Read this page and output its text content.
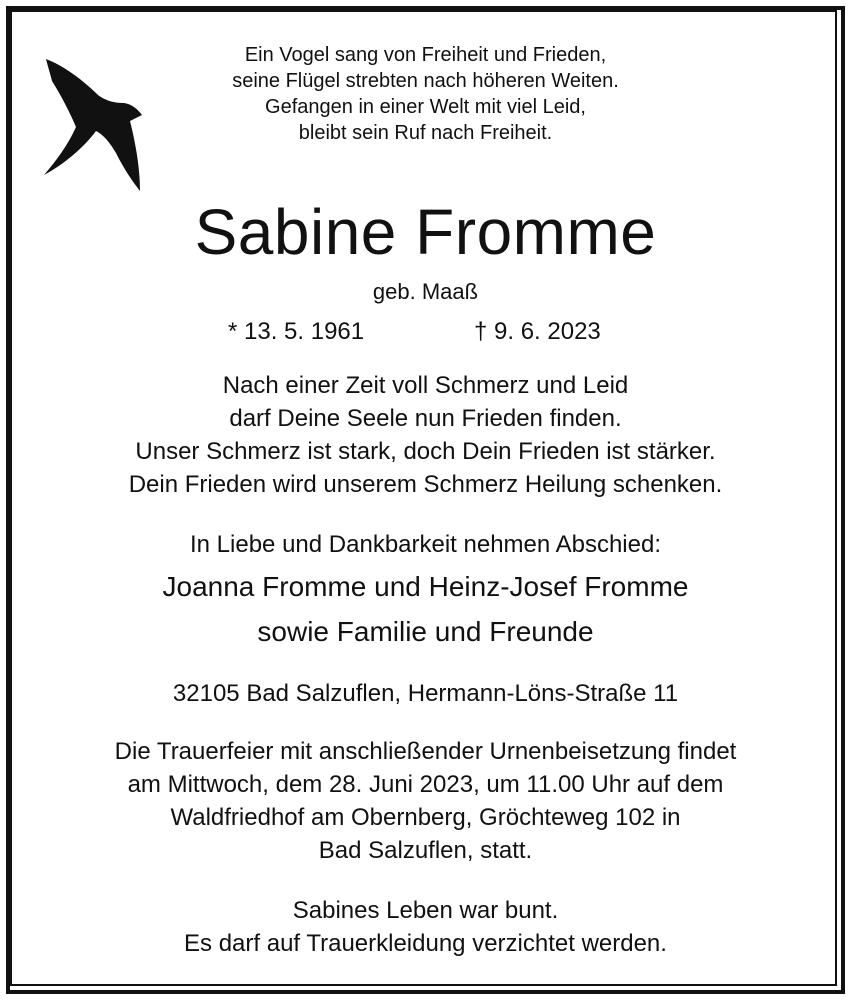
Ein Vogel sang von Freiheit und Frieden,
seine Flügel strebten nach höheren Weiten.
Gefangen in einer Welt mit viel Leid,
bleibt sein Ruf nach Freiheit.
Sabine Fromme
geb. Maaß
* 13. 5. 1961	† 9. 6. 2023
Nach einer Zeit voll Schmerz und Leid
darf Deine Seele nun Frieden finden.
Unser Schmerz ist stark, doch Dein Frieden ist stärker.
Dein Frieden wird unserem Schmerz Heilung schenken.
In Liebe und Dankbarkeit nehmen Abschied:
Joanna Fromme und Heinz-Josef Fromme
sowie Familie und Freunde
32105 Bad Salzuflen, Hermann-Löns-Straße 11
Die Trauerfeier mit anschließender Urnenbeisetzung findet
am Mittwoch, dem 28. Juni 2023, um 11.00 Uhr auf dem
Waldfriedhof am Obernberg, Gröchteweg 102 in
Bad Salzuflen, statt.
Sabines Leben war bunt.
Es darf auf Trauerkleidung verzichtet werden.
